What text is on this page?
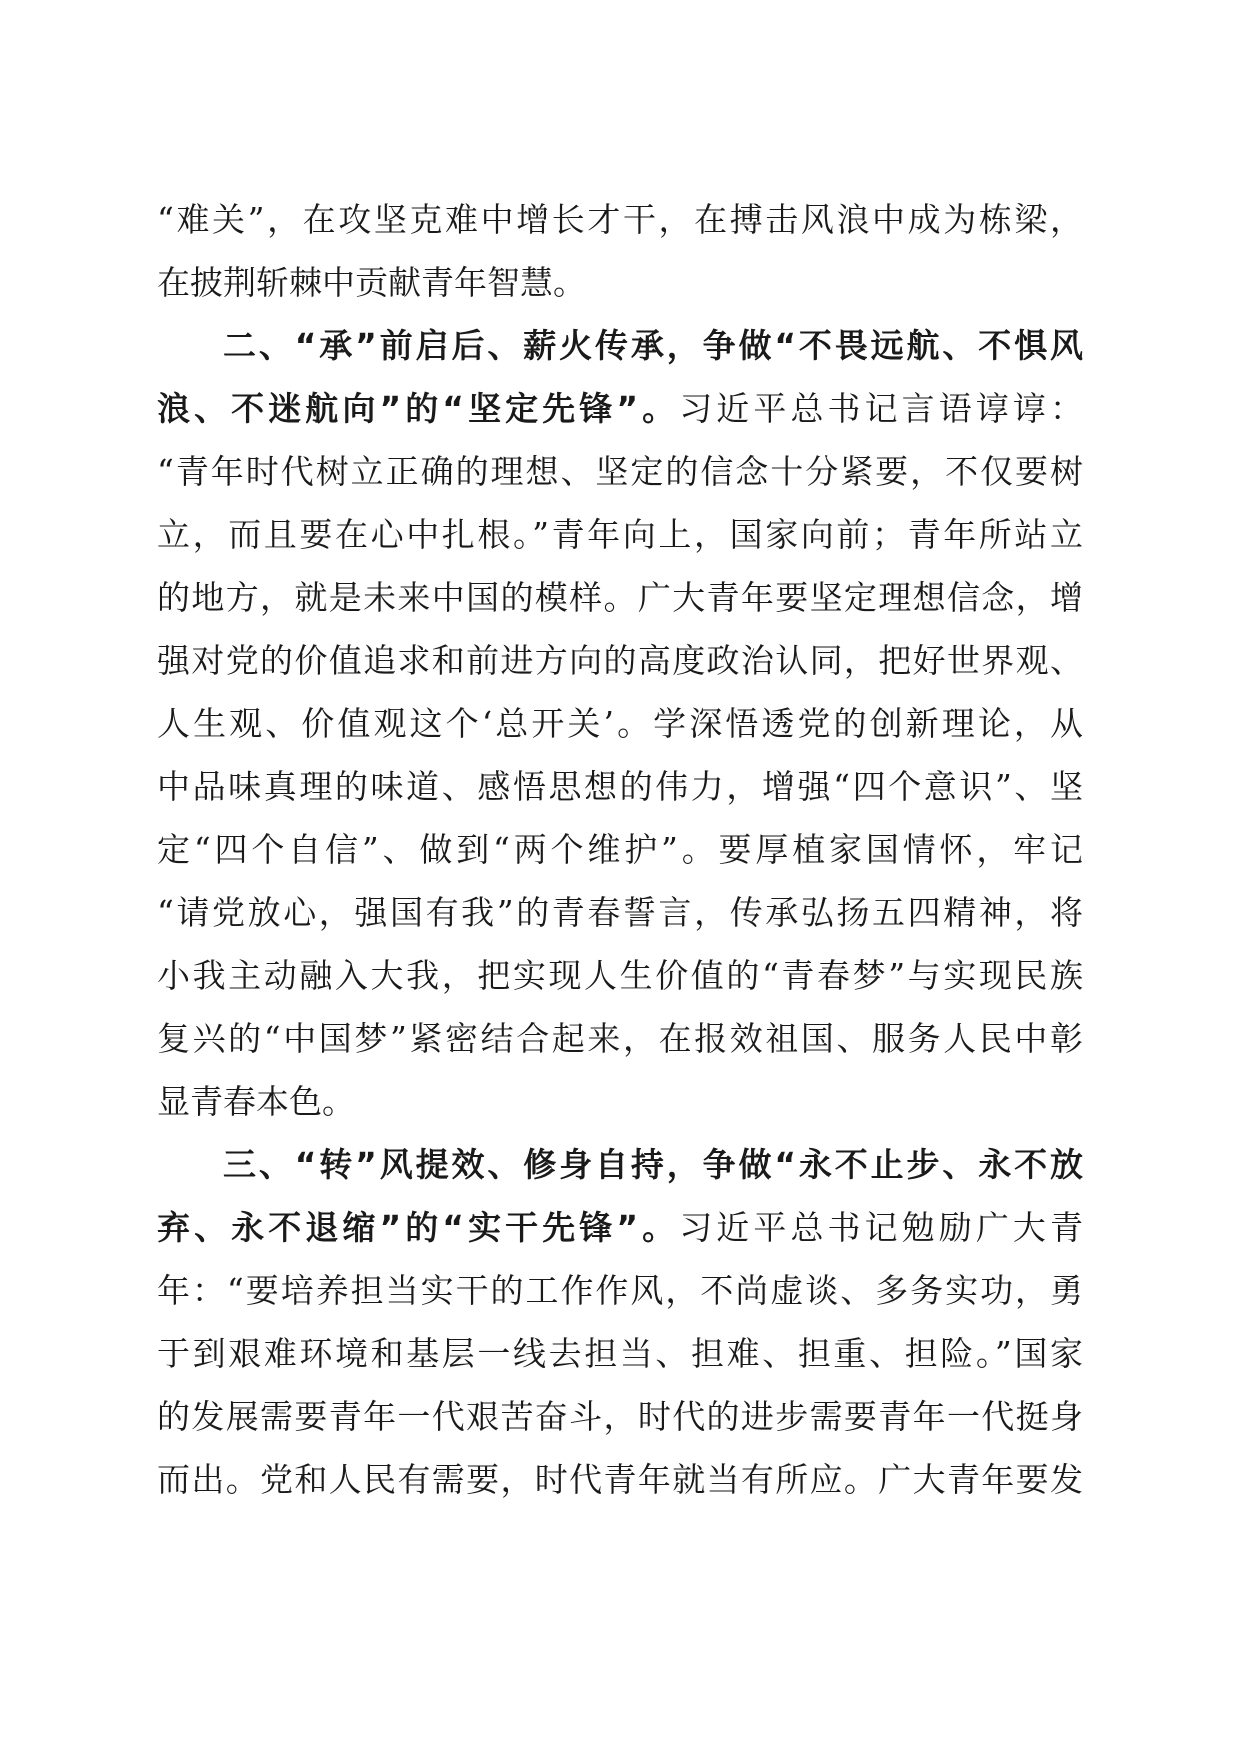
“难关”，在攻坚克难中增长才干，在搏击风浪中成为栋梁，
在披荆斩棘中贡献青年智慧。
二、“承”前启后、薪火传承，争做“不畏远航、不惧风
浪、不迷航向”的“坚定先锋”。习近平总书记言语谆谆：
“青年时代树立正确的理想、坚定的信念十分紧要，不仅要树
立，而且要在心中扎根。”青年向上，国家向前；青年所站立
的地方，就是未来中国的模样。广大青年要坚定理想信念，增
强对党的价值追求和前进方向的高度政治认同，把好世界观、
人生观、价值观这个‘总开关’。学深悟透党的创新理论，从
中品味真理的味道、感悟思想的伟力，增强“四个意识”、坚
定“四个自信”、做到“两个维护”。要厚植家国情怀，牢记
“请党放心，强国有我”的青春誓言，传承弘扬五四精神，将
小我主动融入大我，把实现人生价值的“青春梦”与实现民族
复兴的“中国梦”紧密结合起来，在报效祖国、服务人民中彰
显青春本色。
三、“转”风提效、修身自持，争做“永不止步、永不放
弃、永不退缩”的“实干先锋”。习近平总书记勉励广大青
年：“要培养担当实干的工作作风，不尚虚谈、多务实功，勇
于到艰难环境和基层一线去担当、担难、担重、担险。”国家
的发展需要青年一代艰苦奋斗，时代的进步需要青年一代挺身
而出。党和人民有需要，时代青年就当有所应。广大青年要发
